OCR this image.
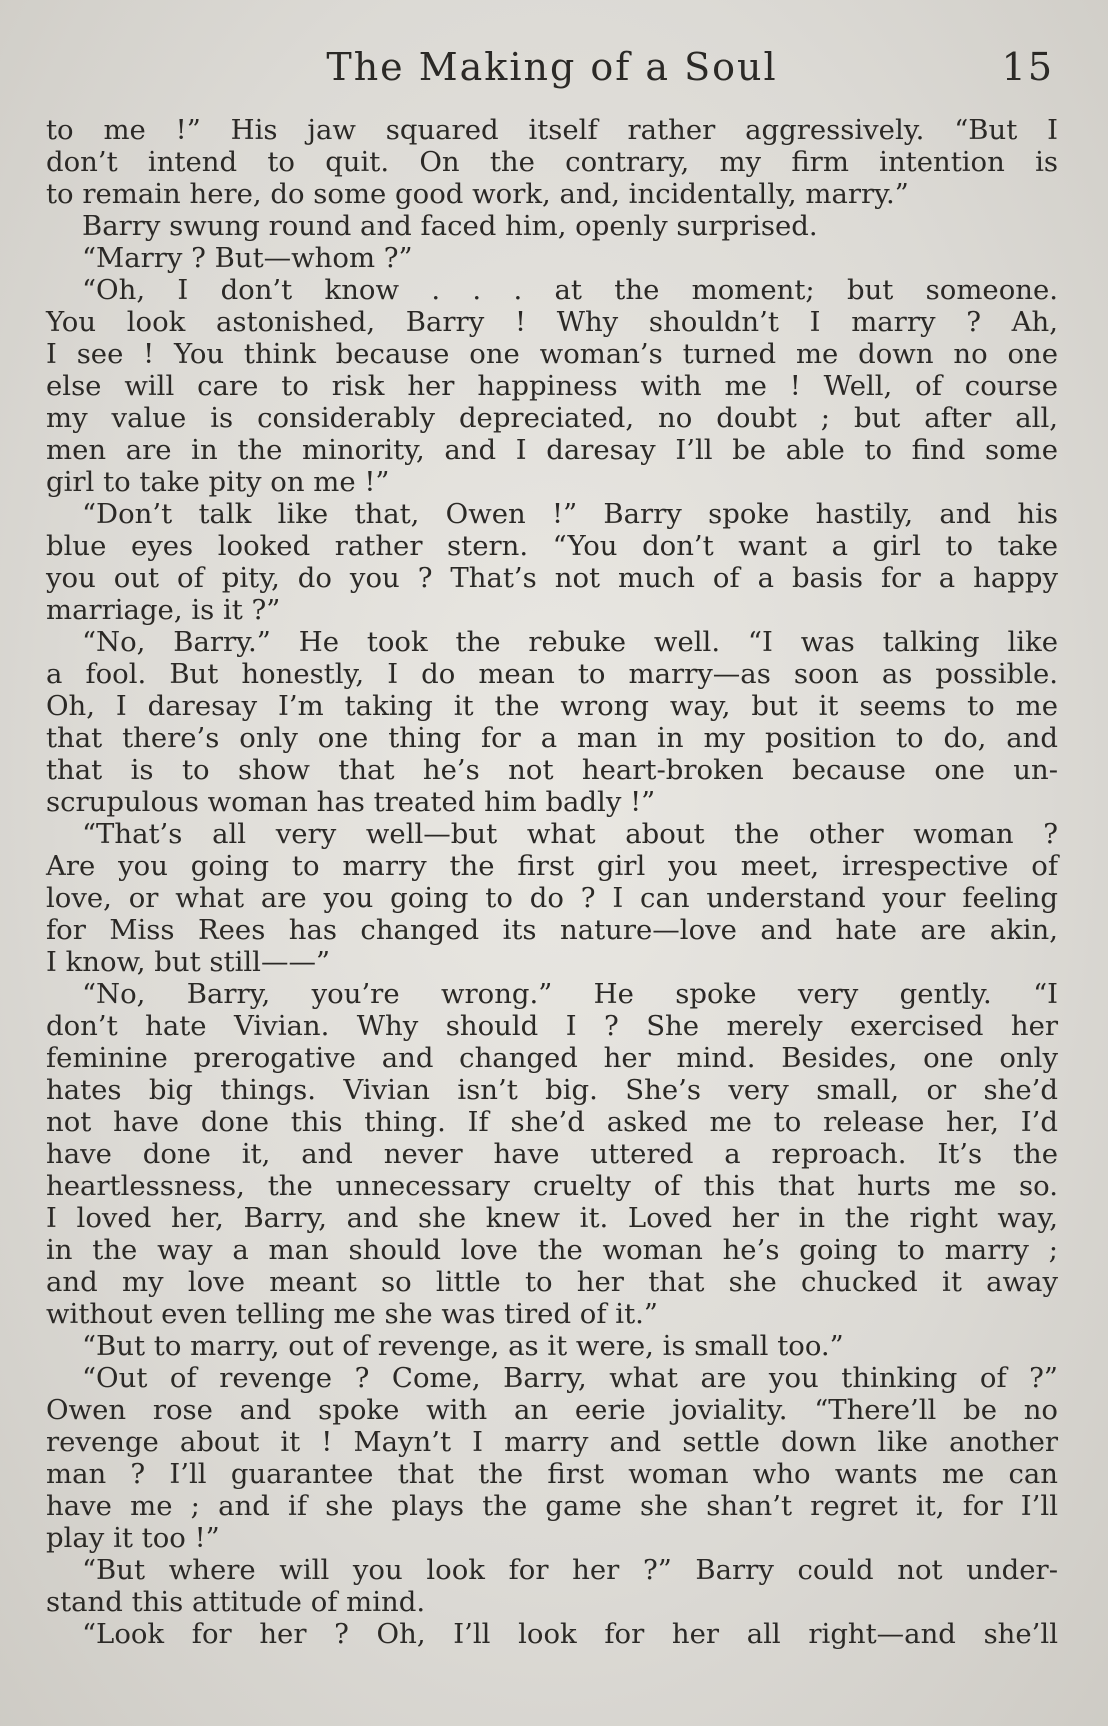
The Making of a Soul	15
to me !” His jaw squared itself rather aggressively. “But I
don’t intend to quit. On the contrary, my firm intention is
to remain here, do some good work, and, incidentally, marry.”
Barry swung round and faced him, openly surprised.
“Marry ? But—whom ?”
“Oh, I don’t know . . . at the moment; but someone.
You look astonished, Barry ! Why shouldn’t I marry ? Ah,
I see ! You think because one woman’s turned me down no one
else will care to risk her happiness with me ! Well, of course
my value is considerably depreciated, no doubt ; but after all,
men are in the minority, and I daresay I’ll be able to find some
girl to take pity on me !”
“Don’t talk like that, Owen !” Barry spoke hastily, and his
blue eyes looked rather stern. “You don’t want a girl to take
you out of pity, do you ? That’s not much of a basis for a happy
marriage, is it ?”
“No, Barry.” He took the rebuke well. “I was talking like
a fool. But honestly, I do mean to marry—as soon as possible.
Oh, I daresay I’m taking it the wrong way, but it seems to me
that there’s only one thing for a man in my position to do, and
that is to show that he’s not heart-broken because one un-
scrupulous woman has treated him badly !”
“That’s all very well—but what about the other woman ?
Are you going to marry the first girl you meet, irrespective of
love, or what are you going to do ? I can understand your feeling
for Miss Rees has changed its nature—love and hate are akin,
I know, but still——”
“No, Barry, you’re wrong.” He spoke very gently. “I
don’t hate Vivian. Why should I ? She merely exercised her
feminine prerogative and changed her mind. Besides, one only
hates big things. Vivian isn’t big. She’s very small, or she’d
not have done this thing. If she’d asked me to release her, I’d
have done it, and never have uttered a reproach. It’s the
heartlessness, the unnecessary cruelty of this that hurts me so.
I loved her, Barry, and she knew it. Loved her in the right way,
in the way a man should love the woman he’s going to marry ;
and my love meant so little to her that she chucked it away
without even telling me she was tired of it.”
“But to marry, out of revenge, as it were, is small too.”
“Out of revenge ? Come, Barry, what are you thinking of ?”
Owen rose and spoke with an eerie joviality. “There’ll be no
revenge about it ! Mayn’t I marry and settle down like another
man ? I’ll guarantee that the first woman who wants me can
have me ; and if she plays the game she shan’t regret it, for I’ll
play it too !”
“But where will you look for her ?” Barry could not under-
stand this attitude of mind.
“Look for her ? Oh, I’ll look for her all right—and she’ll
